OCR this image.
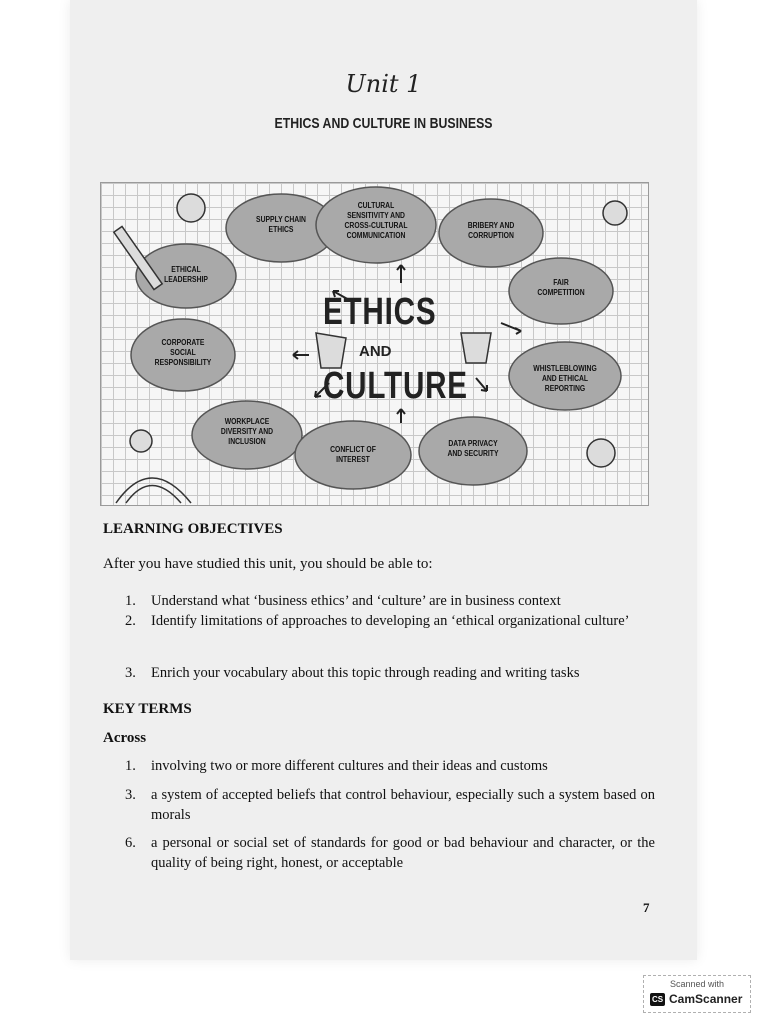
Unit 1
ETHICS AND CULTURE IN BUSINESS
SUPPLY CHAIN ETHICS
CULTURAL SENSITIVITY AND CROSS-CULTURAL COMMUNICATION
BRIBERY AND CORRUPTION
ETHICAL LEADERSHIP	FAIR COMPETITION
CORPORATE SOCIAL RESPONSIBILITY
WHISTLEBLOWING AND ETHICAL REPORTING
WORKPLACE DIVERSITY AND INCLUSION
CONFLICT OF INTEREST
DATA PRIVACY AND SECURITY
ETHICS
AND
CULTURE
LEARNING OBJECTIVES
After you have studied this unit, you should be able to:
1. Understand what ‘business ethics’ and ‘culture’ are in business context
2. Identify limitations of approaches to developing an ‘ethical organizational culture’
3. Enrich your vocabulary about this topic through reading and writing tasks
KEY TERMS
Across
1. involving two or more different cultures and their ideas and customs
3. a system of accepted beliefs that control behaviour, especially such a system based on morals
6. a personal or social set of standards for good or bad behaviour and character, or the quality of being right, honest, or acceptable
7
Scanned with
CS CamScanner
